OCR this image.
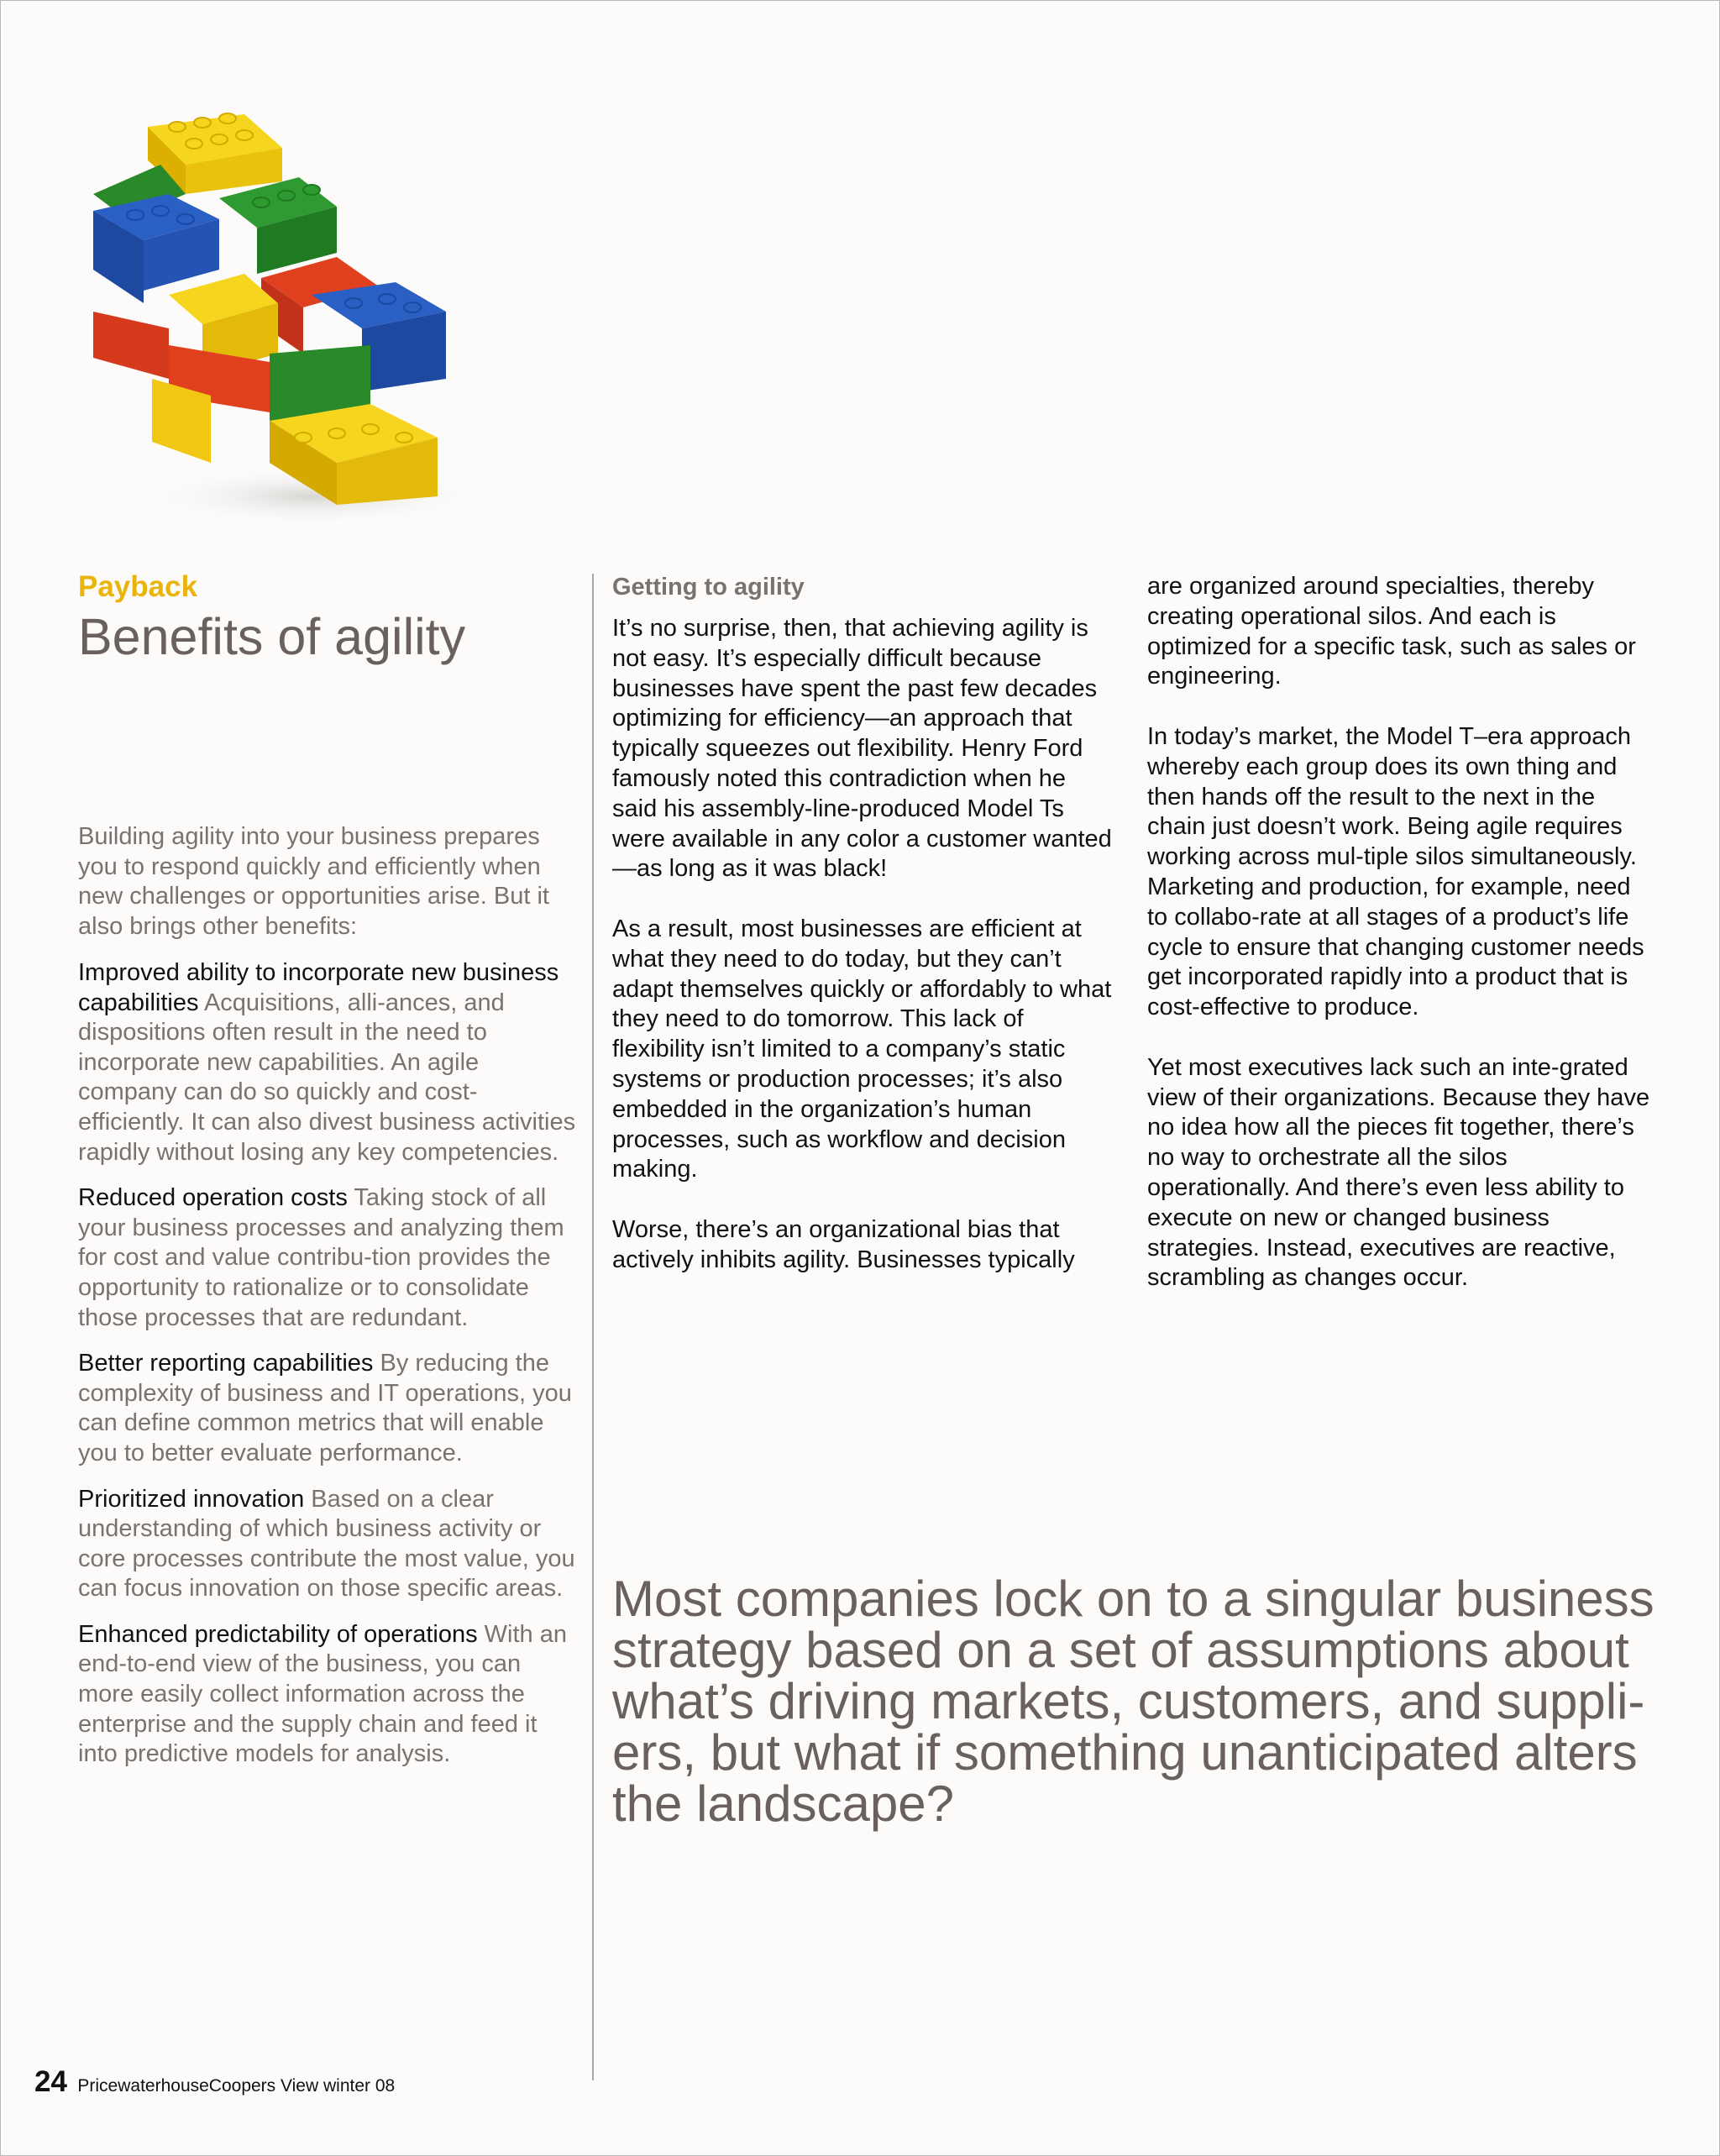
Payback

Benefits of agility

Building agility into your business prepares you to respond quickly and efficiently when new challenges or opportunities arise. But it also brings other benefits:

Improved ability to incorporate new business capabilities Acquisitions, alli-ances, and dispositions often result in the need to incorporate new capabilities. An agile company can do so quickly and cost-efficiently. It can also divest business activities rapidly without losing any key competencies.

Reduced operation costs Taking stock of all your business processes and analyzing them for cost and value contribu-tion provides the opportunity to rationalize or to consolidate those processes that are redundant.

Better reporting capabilities By reducing the complexity of business and IT operations, you can define common metrics that will enable you to better evaluate performance.

Prioritized innovation Based on a clear understanding of which business activity or core processes contribute the most value, you can focus innovation on those specific areas.

Enhanced predictability of operations With an end-to-end view of the business, you can more easily collect information across the enterprise and the supply chain and feed it into predictive models for analysis.

Getting to agility

It’s no surprise, then, that achieving agility is not easy. It’s especially difficult because businesses have spent the past few decades optimizing for efficiency—an approach that typically squeezes out flexibility. Henry Ford famously noted this contradiction when he said his assembly-line-produced Model Ts were available in any color a customer wanted—as long as it was black!

As a result, most businesses are efficient at what they need to do today, but they can’t adapt themselves quickly or affordably to what they need to do tomorrow. This lack of flexibility isn’t limited to a company’s static systems or production processes; it’s also embedded in the organization’s human processes, such as workflow and decision making.

Worse, there’s an organizational bias that actively inhibits agility. Businesses typically

are organized around specialties, thereby creating operational silos. And each is optimized for a specific task, such as sales or engineering.

In today’s market, the Model T–era approach whereby each group does its own thing and then hands off the result to the next in the chain just doesn’t work. Being agile requires working across mul-tiple silos simultaneously. Marketing and production, for example, need to collabo-rate at all stages of a product’s life cycle to ensure that changing customer needs get incorporated rapidly into a product that is cost-effective to produce.

Yet most executives lack such an inte-grated view of their organizations. Because they have no idea how all the pieces fit together, there’s no way to orchestrate all the silos operationally. And there’s even less ability to execute on new or changed business strategies. Instead, executives are reactive, scrambling as changes occur.

Most companies lock on to a singular business strategy based on a set of assumptions about what’s driving markets, customers, and suppli-ers, but what if something unanticipated alters the landscape?

24 PricewaterhouseCoopers View winter 08
